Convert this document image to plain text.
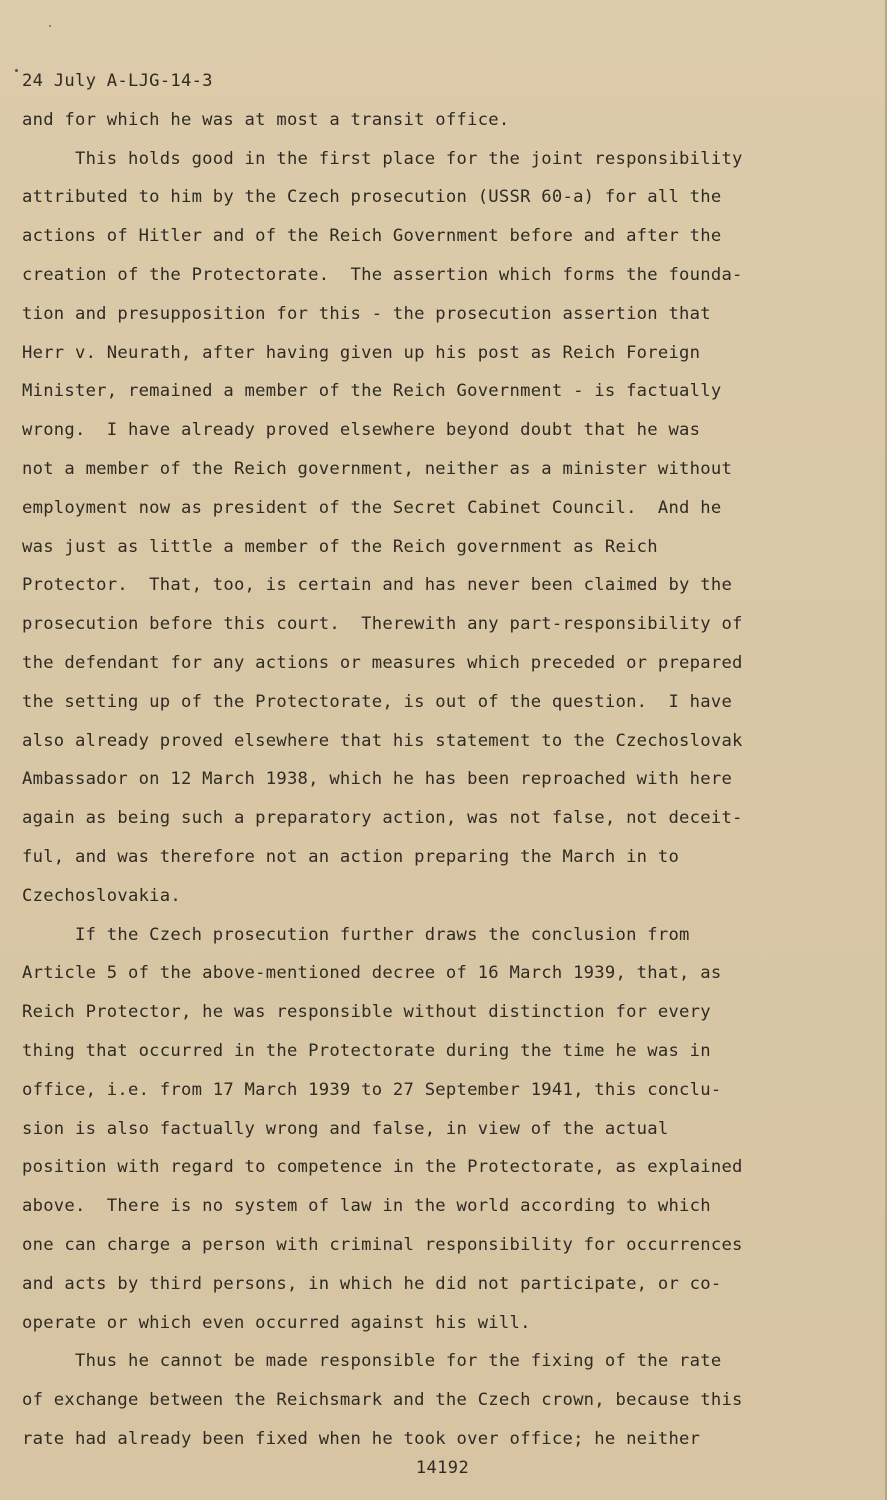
24 July A-LJG-14-3
and for which he was at most a transit office.
This holds good in the first place for the joint responsibility
attributed to him by the Czech prosecution (USSR 60-a) for all the
actions of Hitler and of the Reich Government before and after the
creation of the Protectorate.  The assertion which forms the founda-
tion and presupposition for this - the prosecution assertion that
Herr v. Neurath, after having given up his post as Reich Foreign
Minister, remained a member of the Reich Government - is factually
wrong.  I have already proved elsewhere beyond doubt that he was
not a member of the Reich government, neither as a minister without
employment now as president of the Secret Cabinet Council.  And he
was just as little a member of the Reich government as Reich
Protector.  That, too, is certain and has never been claimed by the
prosecution before this court.  Therewith any part-responsibility of
the defendant for any actions or measures which preceded or prepared
the setting up of the Protectorate, is out of the question.  I have
also already proved elsewhere that his statement to the Czechoslovak
Ambassador on 12 March 1938, which he has been reproached with here
again as being such a preparatory action, was not false, not deceit-
ful, and was therefore not an action preparing the March in to
Czechoslovakia.
If the Czech prosecution further draws the conclusion from
Article 5 of the above-mentioned decree of 16 March 1939, that, as
Reich Protector, he was responsible without distinction for every
thing that occurred in the Protectorate during the time he was in
office, i.e. from 17 March 1939 to 27 September 1941, this conclu-
sion is also factually wrong and false, in view of the actual
position with regard to competence in the Protectorate, as explained
above.  There is no system of law in the world according to which
one can charge a person with criminal responsibility for occurrences
and acts by third persons, in which he did not participate, or co-
operate or which even occurred against his will.
Thus he cannot be made responsible for the fixing of the rate
of exchange between the Reichsmark and the Czech crown, because this
rate had already been fixed when he took over office; he neither
14192
